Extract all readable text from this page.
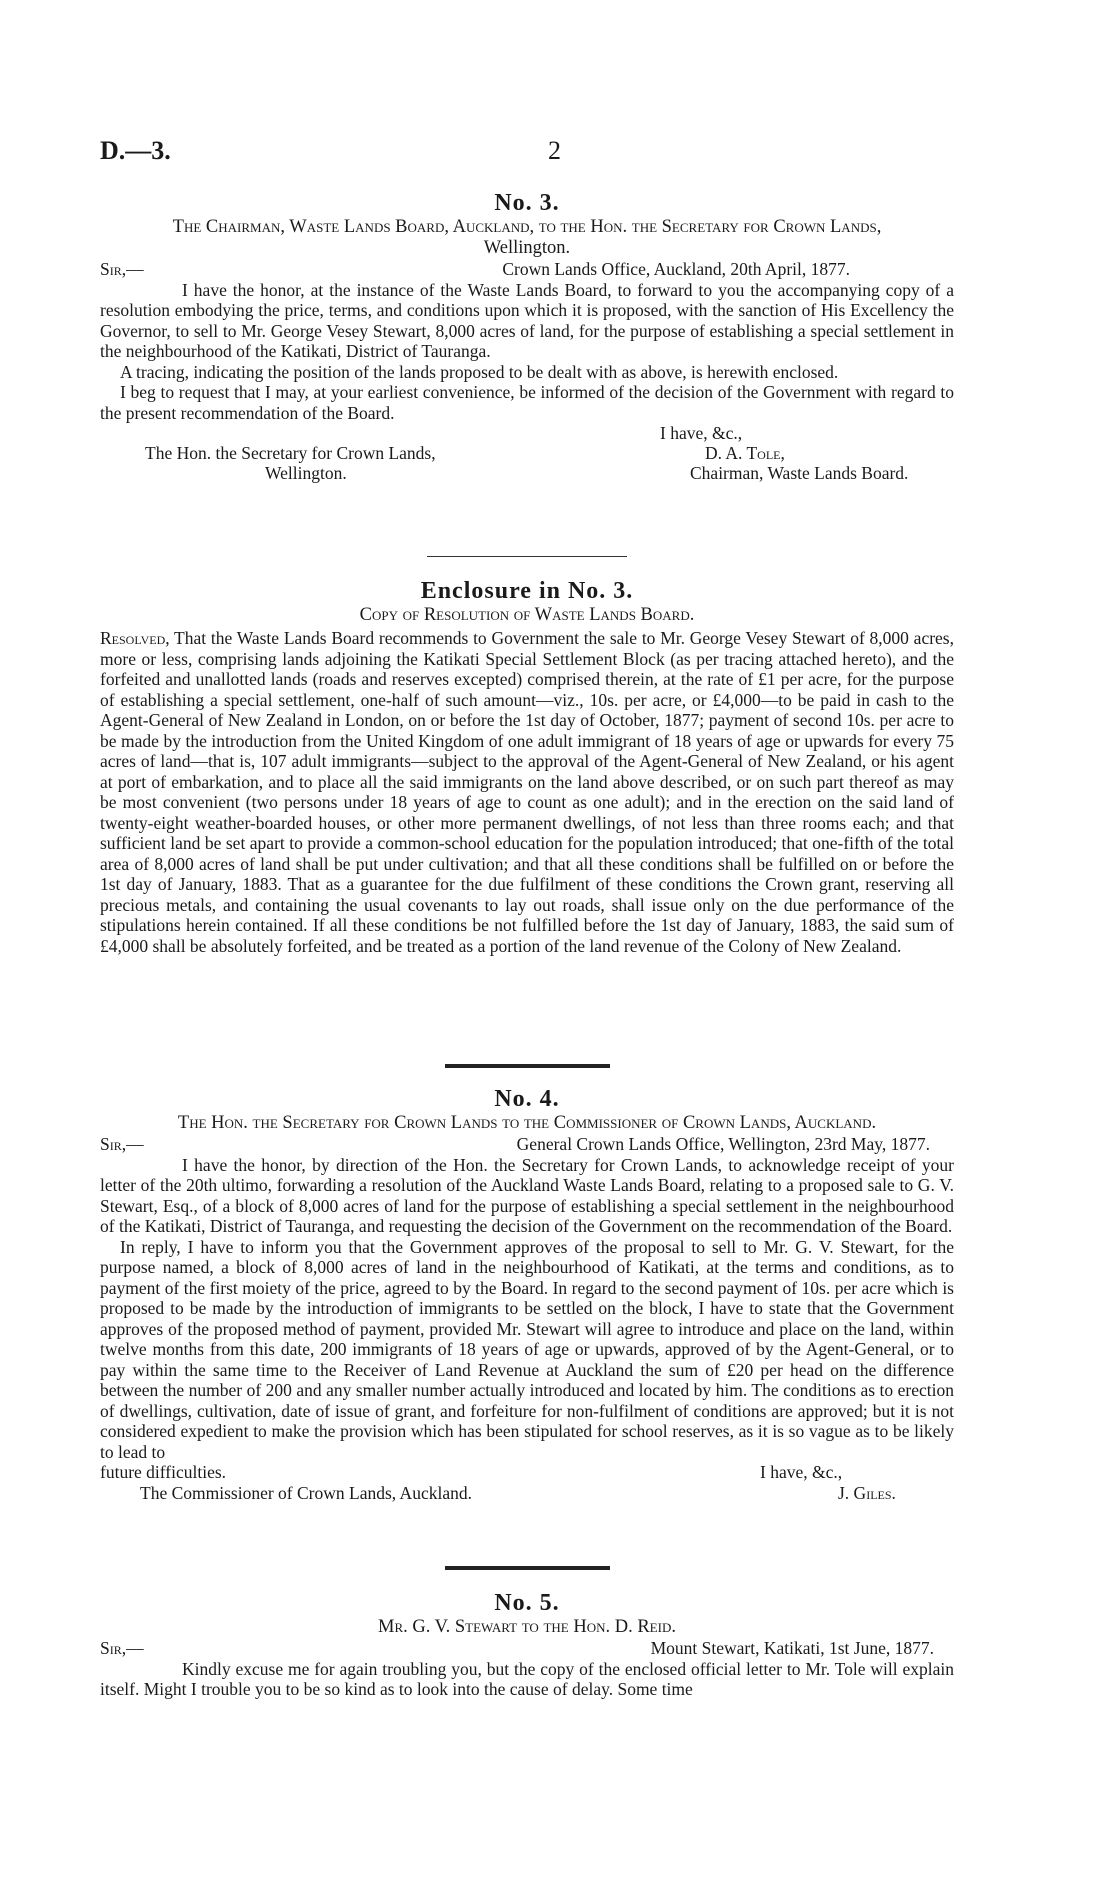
D.—3.	2
No. 3.

The Chairman, Waste Lands Board, Auckland, to the Hon. the Secretary for Crown Lands,

Wellington.

Sir,—	Crown Lands Office, Auckland, 20th April, 1877.

I have the honor, at the instance of the Waste Lands Board, to forward to you the accompanying copy of a resolution embodying the price, terms, and conditions upon which it is proposed, with the sanction of His Excellency the Governor, to sell to Mr. George Vesey Stewart, 8,000 acres of land, for the purpose of establishing a special settlement in the neighbourhood of the Katikati, District of Tauranga.

A tracing, indicating the position of the lands proposed to be dealt with as above, is herewith enclosed.

I beg to request that I may, at your earliest convenience, be informed of the decision of the Government with regard to the present recommendation of the Board.

I have, &c.,
The Hon. the Secretary for Crown Lands,	D. A. Tole,
Wellington.	Chairman, Waste Lands Board.
Enclosure in No. 3.

Copy of Resolution of Waste Lands Board.

Resolved, That the Waste Lands Board recommends to Government the sale to Mr. George Vesey Stewart of 8,000 acres, more or less, comprising lands adjoining the Katikati Special Settlement Block (as per tracing attached hereto), and the forfeited and unallotted lands (roads and reserves excepted) comprised therein, at the rate of £1 per acre, for the purpose of establishing a special settlement, one-half of such amount—viz., 10s. per acre, or £4,000—to be paid in cash to the Agent-General of New Zealand in London, on or before the 1st day of October, 1877; payment of second 10s. per acre to be made by the introduction from the United Kingdom of one adult immigrant of 18 years of age or upwards for every 75 acres of land—that is, 107 adult immigrants—subject to the approval of the Agent-General of New Zealand, or his agent at port of embarkation, and to place all the said immigrants on the land above described, or on such part thereof as may be most convenient (two persons under 18 years of age to count as one adult); and in the erection on the said land of twenty-eight weather-boarded houses, or other more permanent dwellings, of not less than three rooms each; and that sufficient land be set apart to provide a common-school education for the population introduced; that one-fifth of the total area of 8,000 acres of land shall be put under cultivation; and that all these conditions shall be fulfilled on or before the 1st day of January, 1883. That as a guarantee for the due fulfilment of these conditions the Crown grant, reserving all precious metals, and containing the usual covenants to lay out roads, shall issue only on the due performance of the stipulations herein contained. If all these conditions be not fulfilled before the 1st day of January, 1883, the said sum of £4,000 shall be absolutely forfeited, and be treated as a portion of the land revenue of the Colony of New Zealand.

No. 4.

The Hon. the Secretary for Crown Lands to the Commissioner of Crown Lands, Auckland.

Sir,—	General Crown Lands Office, Wellington, 23rd May, 1877.

I have the honor, by direction of the Hon. the Secretary for Crown Lands, to acknowledge receipt of your letter of the 20th ultimo, forwarding a resolution of the Auckland Waste Lands Board, relating to a proposed sale to G. V. Stewart, Esq., of a block of 8,000 acres of land for the purpose of establishing a special settlement in the neighbourhood of the Katikati, District of Tauranga, and requesting the decision of the Government on the recommendation of the Board.

In reply, I have to inform you that the Government approves of the proposal to sell to Mr. G. V. Stewart, for the purpose named, a block of 8,000 acres of land in the neighbourhood of Katikati, at the terms and conditions, as to payment of the first moiety of the price, agreed to by the Board. In regard to the second payment of 10s. per acre which is proposed to be made by the introduction of immigrants to be settled on the block, I have to state that the Government approves of the proposed method of payment, provided Mr. Stewart will agree to introduce and place on the land, within twelve months from this date, 200 immigrants of 18 years of age or upwards, approved of by the Agent-General, or to pay within the same time to the Receiver of Land Revenue at Auckland the sum of £20 per head on the difference between the number of 200 and any smaller number actually introduced and located by him. The conditions as to erection of dwellings, cultivation, date of issue of grant, and forfeiture for non-fulfilment of conditions are approved; but it is not considered expedient to make the provision which has been stipulated for school reserves, as it is so vague as to be likely to lead to

future difficulties.	I have, &c.,
The Commissioner of Crown Lands, Auckland.	J. Giles.
No. 5.

Mr. G. V. Stewart to the Hon. D. Reid.

Sir,—	Mount Stewart, Katikati, 1st June, 1877.

Kindly excuse me for again troubling you, but the copy of the enclosed official letter to Mr. Tole will explain itself. Might I trouble you to be so kind as to look into the cause of delay. Some time
